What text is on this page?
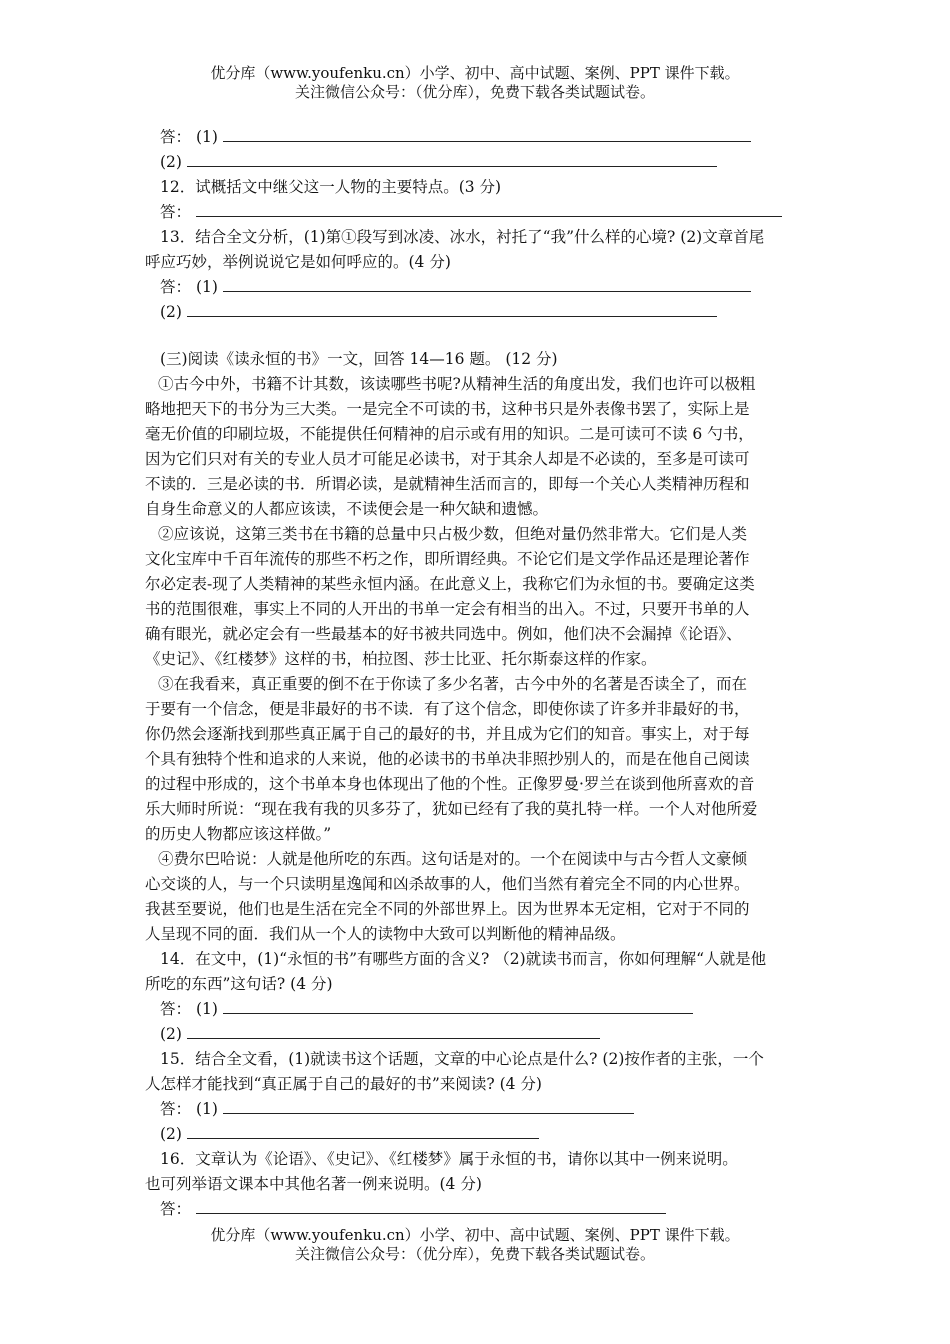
优分库（www.youfenku.cn）小学、初中、高中试题、案例、PPT 课件下载。
关注微信公众号：（优分库），免费下载各类试题试卷。
答： (1)
(2)
12．试概括文中继父这一人物的主要特点。(3 分)
答：
13．结合全文分析，(1)第①段写到冰凌、冰水，衬托了“我”什么样的心境? (2)文章首尾
呼应巧妙，举例说说它是如何呼应的。(4 分)
答： (1)
(2)
(三)阅读《读永恒的书》一文，回答 14—16 题。 (12 分)
①古今中外，书籍不计其数，该读哪些书呢?从精神生活的角度出发，我们也许可以极粗
略地把天下的书分为三大类。一是完全不可读的书，这种书只是外表像书罢了，实际上是
毫无价值的印刷垃圾，不能提供任何精神的启示或有用的知识。二是可读可不读 6 勺书，
因为它们只对有关的专业人员才可能足必读书，对于其余人却是不必读的，至多是可读可
不读的．三是必读的书．所谓必读，是就精神生活而言的，即每一个关心人类精神历程和
自身生命意义的人都应该读，不读便会是一种欠缺和遗憾。
②应该说，这第三类书在书籍的总量中只占极少数，但绝对量仍然非常大。它们是人类
文化宝库中千百年流传的那些不朽之作，即所谓经典。不论它们是文学作品还是理论著作
尔必定表-现了人类精神的某些永恒内涵。在此意义上，我称它们为永恒的书。要确定这类
书的范围很难，事实上不同的人开出的书单一定会有相当的出入。不过，只要开书单的人
确有眼光，就必定会有一些最基本的好书被共同选中。例如，他们决不会漏掉《论语》、
《史记》、《红楼梦》这样的书，柏拉图、莎士比亚、托尔斯泰这样的作家。
③在我看来，真正重要的倒不在于你读了多少名著，古今中外的名著是否读全了，而在
于要有一个信念，便是非最好的书不读．有了这个信念，即使你读了许多并非最好的书，
你仍然会逐渐找到那些真正属于自己的最好的书，并且成为它们的知音。事实上，对于每
个具有独特个性和追求的人来说，他的必读书的书单决非照抄别人的，而是在他自己阅读
的过程中形成的，这个书单本身也体现出了他的个性。正像罗曼·罗兰在谈到他所喜欢的音
乐大师时所说：“现在我有我的贝多芬了，犹如已经有了我的莫扎特一样。一个人对他所爱
的历史人物都应该这样做。”
④费尔巴哈说：人就是他所吃的东西。这句话是对的。一个在阅读中与古今哲人文豪倾
心交谈的人，与一个只读明星逸闻和凶杀故事的人，他们当然有着完全不同的内心世界。
我甚至要说，他们也是生活在完全不同的外部世界上。因为世界本无定相，它对于不同的
人呈现不同的面．我们从一个人的读物中大致可以判断他的精神品级。
14．在文中，(1)“永恒的书”有哪些方面的含义? （2)就读书而言，你如何理解“人就是他
所吃的东西”这句话? (4 分)
答： (1)
(2)
15．结合全文看，(1)就读书这个话题，文章的中心论点是什么? (2)按作者的主张，一个
人怎样才能找到“真正属于自己的最好的书”来阅读? (4 分)
答： (1)
(2)
16．文章认为《论语》、《史记》、《红楼梦》属于永恒的书，请你以其中一例来说明。
也可列举语文课本中其他名著一例来说明。(4 分)
答：
优分库（www.youfenku.cn）小学、初中、高中试题、案例、PPT 课件下载。
关注微信公众号：（优分库），免费下载各类试题试卷。
